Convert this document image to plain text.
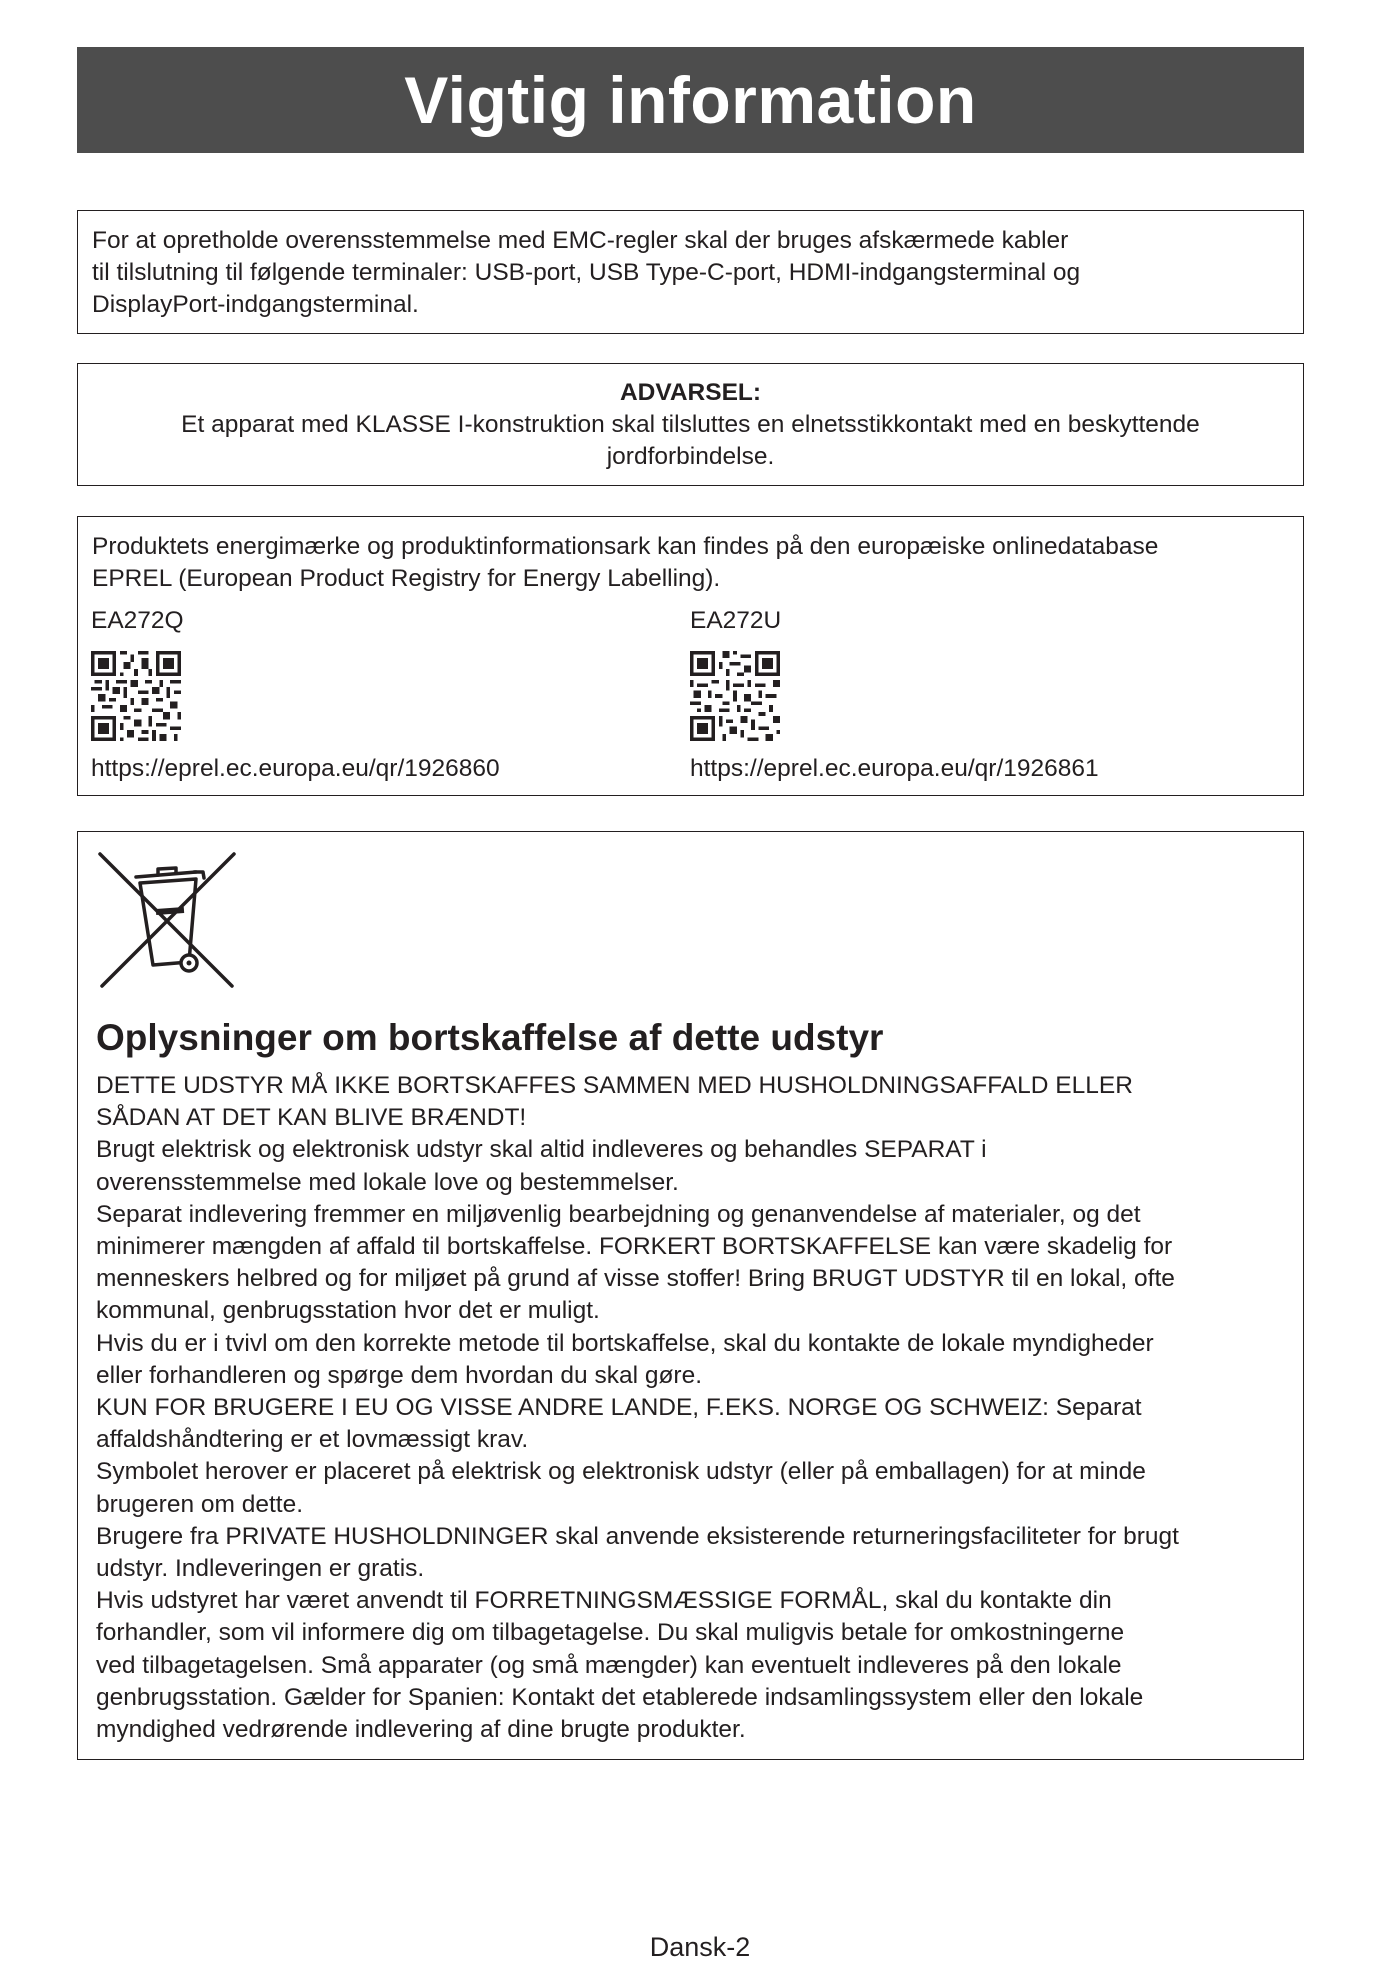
Vigtig information

For at opretholde overensstemmelse med EMC-regler skal der bruges afskærmede kabler

til tilslutning til følgende terminaler: USB-port, USB Type-C-port, HDMI-indgangsterminal og

DisplayPort-indgangsterminal.

ADVARSEL:

Et apparat med KLASSE I-konstruktion skal tilsluttes en elnetsstikkontakt med en beskyttende

jordforbindelse.

Produktets energimærke og produktinformationsark kan findes på den europæiske onlinedatabase

EPREL (European Product Registry for Energy Labelling).

EA272Q
https://eprel.ec.europa.eu/qr/1926860
EA272U
https://eprel.ec.europa.eu/qr/1926861
Oplysninger om bortskaffelse af dette udstyr

DETTE UDSTYR MÅ IKKE BORTSKAFFES SAMMEN MED HUSHOLDNINGSAFFALD ELLER

SÅDAN AT DET KAN BLIVE BRÆNDT!

Brugt elektrisk og elektronisk udstyr skal altid indleveres og behandles SEPARAT i

overensstemmelse med lokale love og bestemmelser.

Separat indlevering fremmer en miljøvenlig bearbejdning og genanvendelse af materialer, og det

minimerer mængden af affald til bortskaffelse. FORKERT BORTSKAFFELSE kan være skadelig for

menneskers helbred og for miljøet på grund af visse stoffer! Bring BRUGT UDSTYR til en lokal, ofte

kommunal, genbrugsstation hvor det er muligt.

Hvis du er i tvivl om den korrekte metode til bortskaffelse, skal du kontakte de lokale myndigheder

eller forhandleren og spørge dem hvordan du skal gøre.

KUN FOR BRUGERE I EU OG VISSE ANDRE LANDE, F.EKS. NORGE OG SCHWEIZ: Separat

affaldshåndtering er et lovmæssigt krav.

Symbolet herover er placeret på elektrisk og elektronisk udstyr (eller på emballagen) for at minde

brugeren om dette.

Brugere fra PRIVATE HUSHOLDNINGER skal anvende eksisterende returneringsfaciliteter for brugt

udstyr. Indleveringen er gratis.

Hvis udstyret har været anvendt til FORRETNINGSMÆSSIGE FORMÅL, skal du kontakte din

forhandler, som vil informere dig om tilbagetagelse. Du skal muligvis betale for omkostningerne

ved tilbagetagelsen. Små apparater (og små mængder) kan eventuelt indleveres på den lokale

genbrugsstation. Gælder for Spanien: Kontakt det etablerede indsamlingssystem eller den lokale

myndighed vedrørende indlevering af dine brugte produkter.

Dansk-2
